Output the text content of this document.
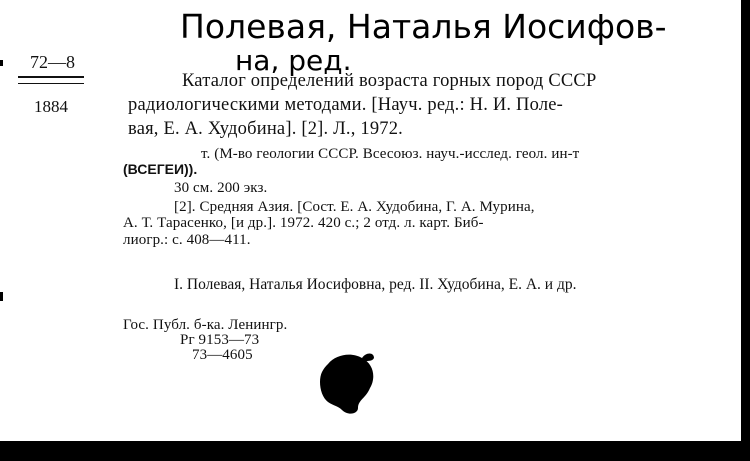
Полевая, Наталья Иосифов-
на, ред.
72—8
1884
Каталог определений возраста горных пород СССР
радиологическими методами. [Науч. ред.: Н. И. Поле-
вая, Е. А. Худобина]. [2]. Л., 1972.
т. (М-во геологии СССР. Всесоюз. науч.-исслед. геол. ин-т
(ВСЕГЕИ)).
30 см. 200 экз.
[2]. Средняя Азия. [Сост. Е. А. Худобина, Г. А. Мурина,
А. Т. Тарасенко, [и др.]. 1972. 420 с.; 2 отд. л. карт. Биб-
лиогр.: с. 408—411.
I. Полевая, Наталья Иосифовна, ред. II. Худобина, Е. А. и др.
Гос. Публ. б-ка. Ленингр.
Рг 9153—73
73—4605
